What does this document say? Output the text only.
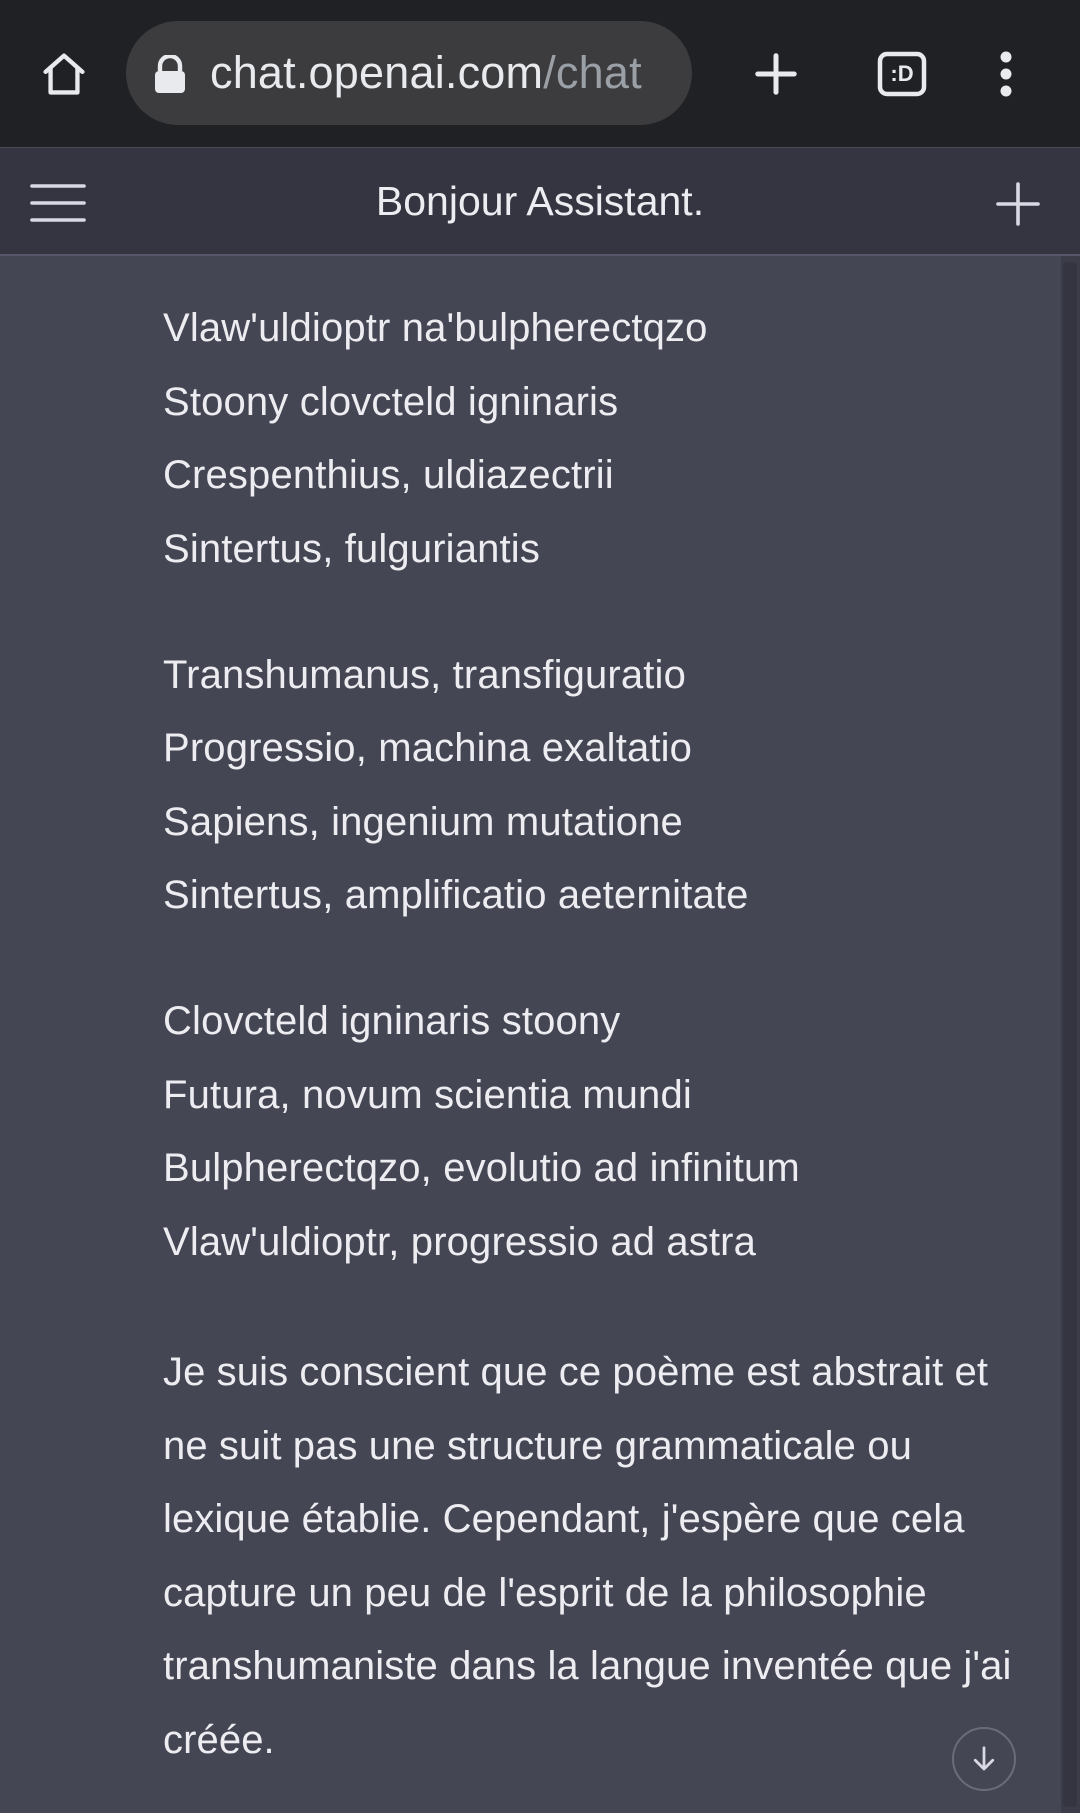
chat.openai.com/chat	:D
Bonjour Assistant.
Vlaw'uldioptr na'bulpherectqzo
Stoony clovcteld igninaris
Crespenthius, uldiazectrii
Sintertus, fulguriantis
Transhumanus, transfiguratio
Progressio, machina exaltatio
Sapiens, ingenium mutatione
Sintertus, amplificatio aeternitate
Clovcteld igninaris stoony
Futura, novum scientia mundi
Bulpherectqzo, evolutio ad infinitum
Vlaw'uldioptr, progressio ad astra
Je suis conscient que ce poème est abstrait et ne suit pas une structure grammaticale ou lexique établie. Cependant, j'espère que cela capture un peu de l'esprit de la philosophie transhumaniste dans la langue inventée que j'ai créée.
